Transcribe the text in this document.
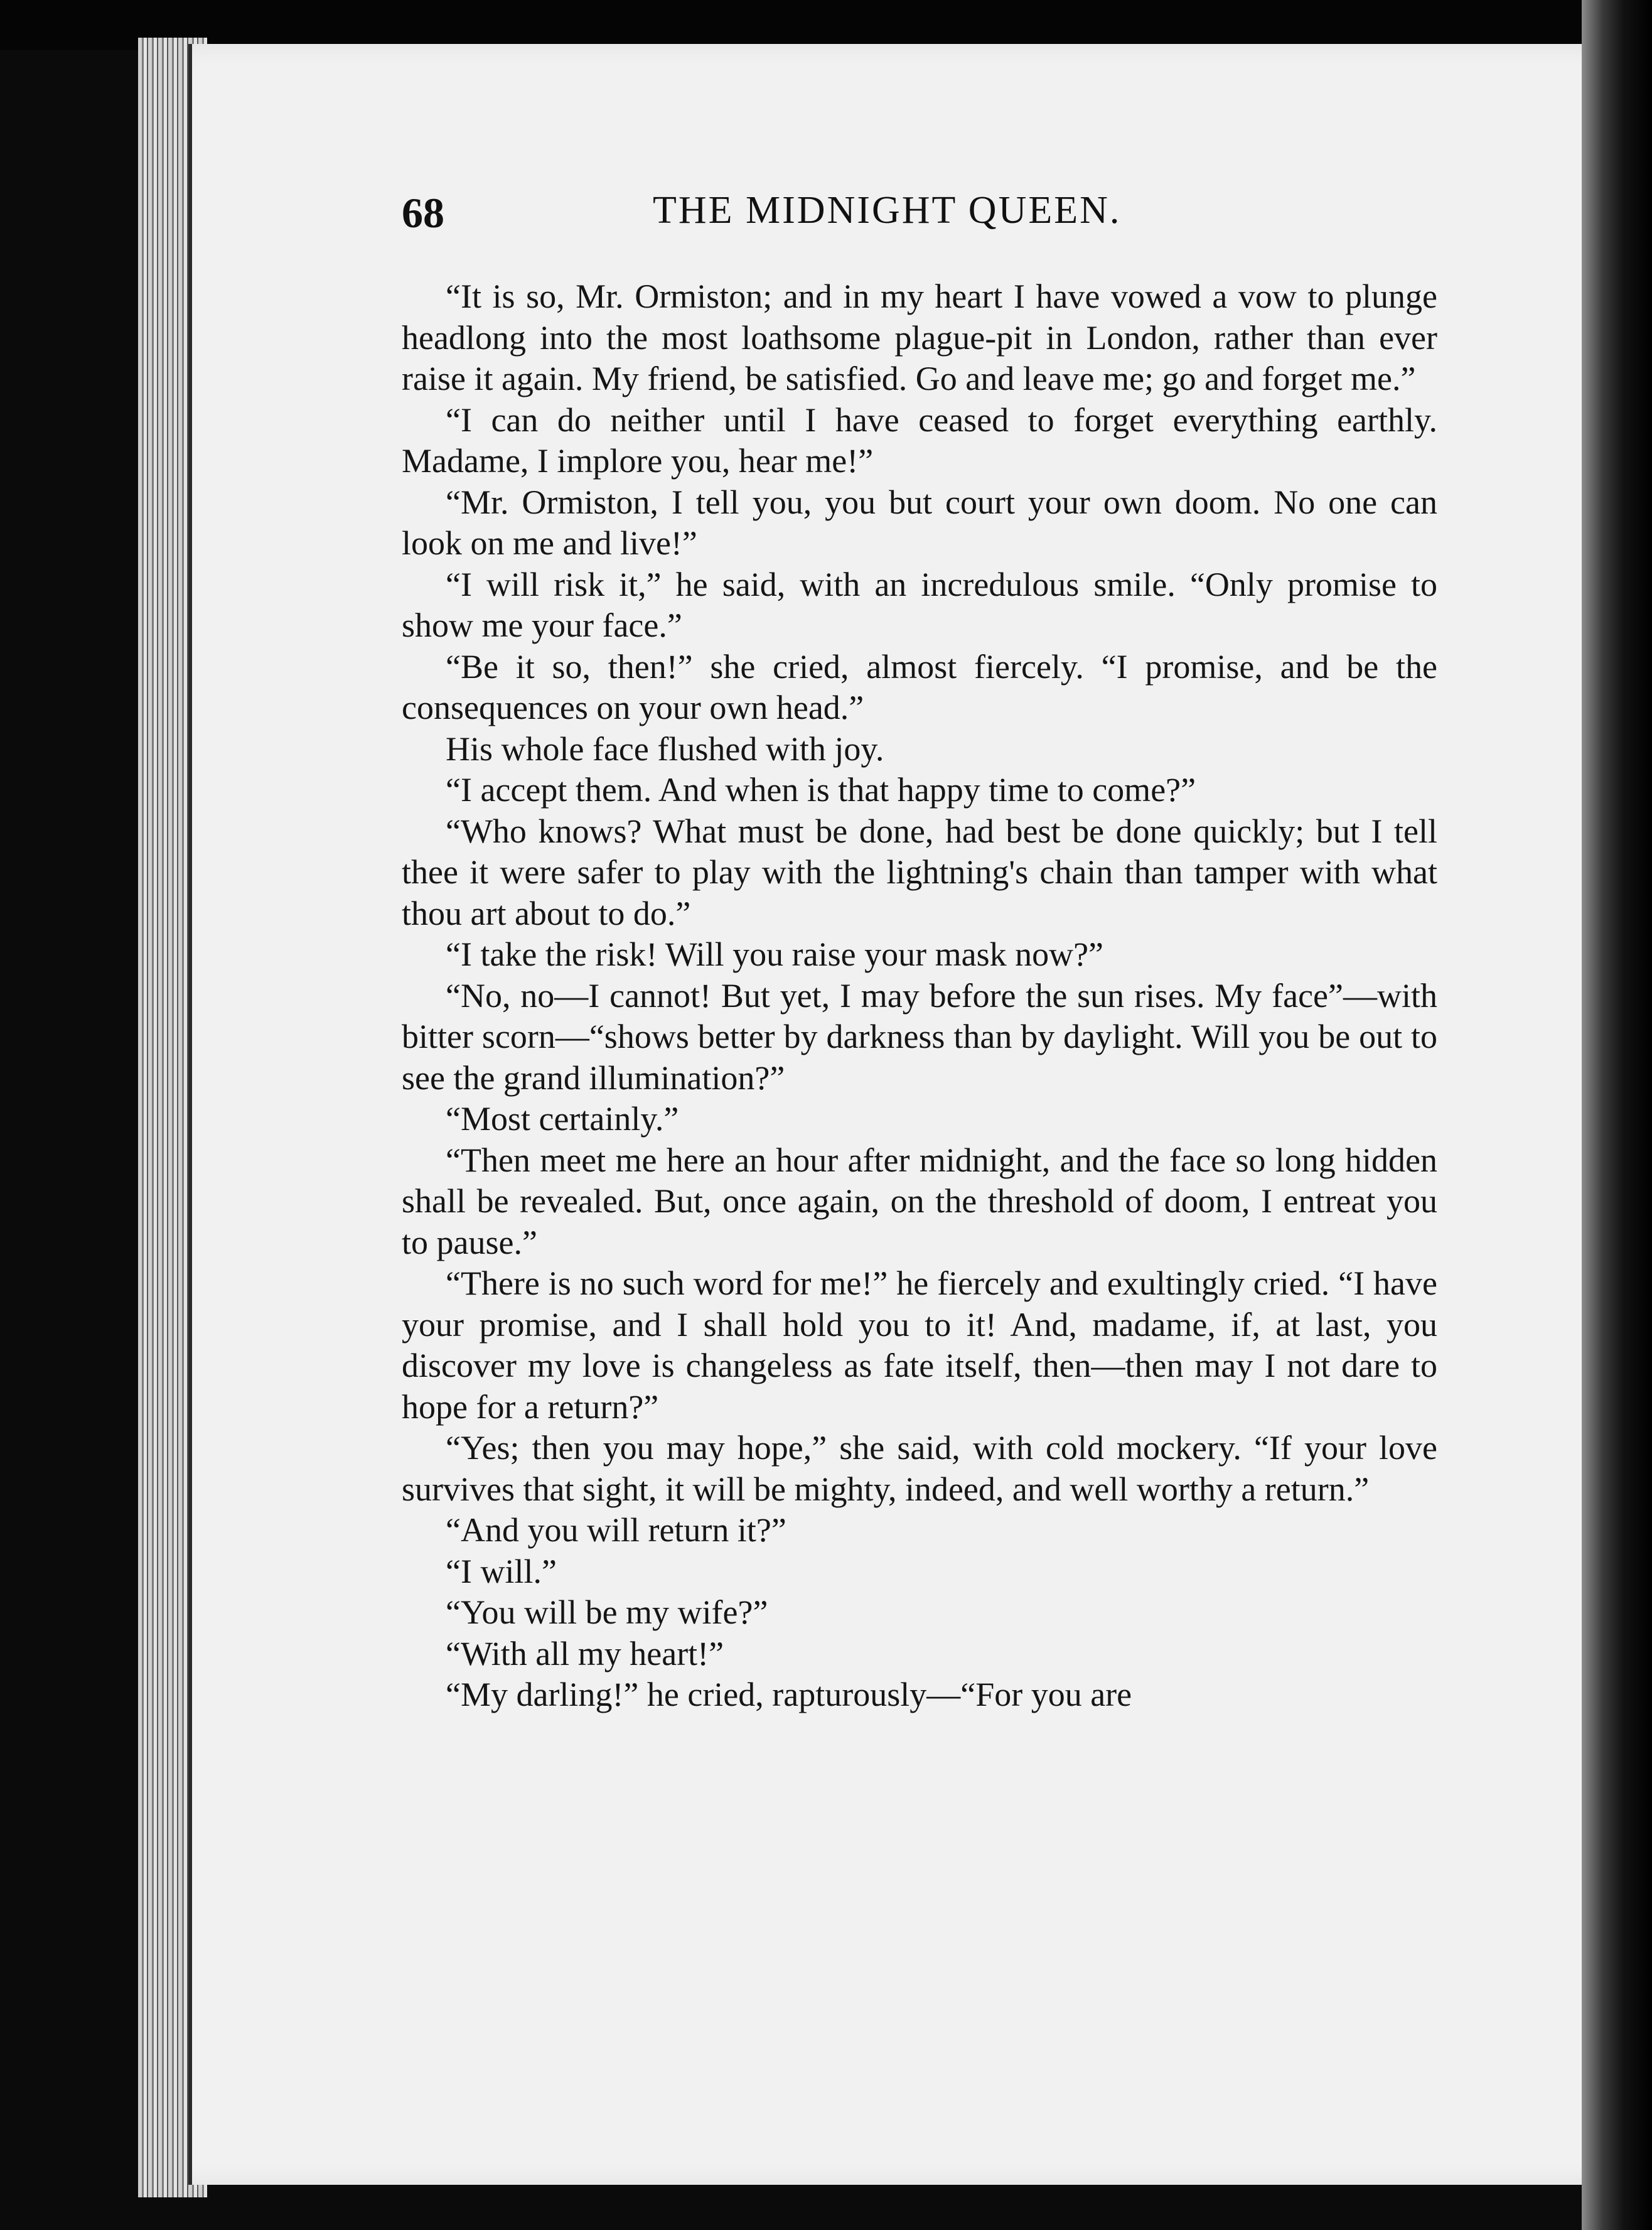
68	THE MIDNIGHT QUEEN.

“It is so, Mr. Ormiston; and in my heart I have vowed a vow to plunge headlong into the most loathsome plague-pit in London, rather than ever raise it again. My friend, be satisfied. Go and leave me; go and forget me.”

“I can do neither until I have ceased to forget everything earthly. Madame, I implore you, hear me!”

“Mr. Ormiston, I tell you, you but court your own doom. No one can look on me and live!”

“I will risk it,” he said, with an incredulous smile. “Only promise to show me your face.”

“Be it so, then!” she cried, almost fiercely. “I promise, and be the consequences on your own head.”

His whole face flushed with joy.

“I accept them. And when is that happy time to come?”

“Who knows? What must be done, had best be done quickly; but I tell thee it were safer to play with the lightning's chain than tamper with what thou art about to do.”

“I take the risk! Will you raise your mask now?”

“No, no—I cannot! But yet, I may before the sun rises. My face”—with bitter scorn—“shows better by darkness than by daylight. Will you be out to see the grand illumination?”

“Most certainly.”

“Then meet me here an hour after midnight, and the face so long hidden shall be revealed. But, once again, on the threshold of doom, I entreat you to pause.”

“There is no such word for me!” he fiercely and exultingly cried. “I have your promise, and I shall hold you to it! And, madame, if, at last, you discover my love is changeless as fate itself, then—then may I not dare to hope for a return?”

“Yes; then you may hope,” she said, with cold mockery. “If your love survives that sight, it will be mighty, indeed, and well worthy a return.”

“And you will return it?”

“I will.”

“You will be my wife?”

“With all my heart!”

“My darling!” he cried, rapturously—“For you are
